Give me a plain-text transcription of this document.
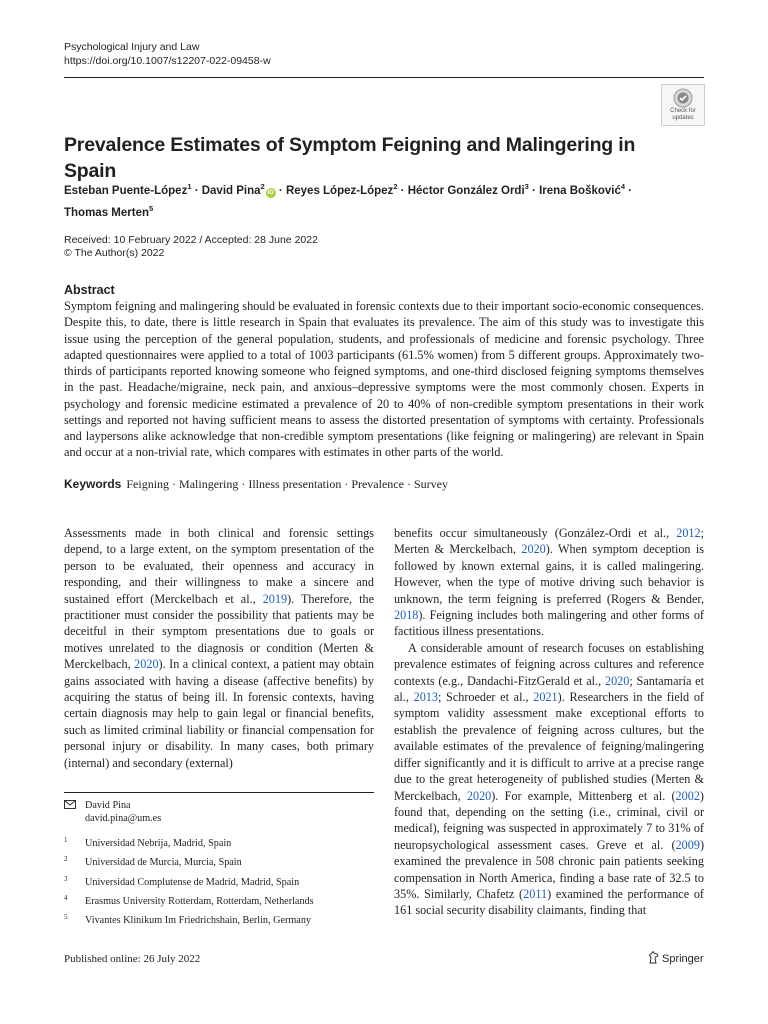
Psychological Injury and Law
https://doi.org/10.1007/s12207-022-09458-w
Check for
updates
Prevalence Estimates of Symptom Feigning and Malingering in Spain
Esteban Puente-López$^1$ · David Pina$^2$iD · Reyes López-López$^2$ · Héctor González Ordi$^3$ · Irena Bošković$^4$ ·
Thomas Merten$^5$
Received: 10 February 2022 / Accepted: 28 June 2022
© The Author(s) 2022
Abstract
Symptom feigning and malingering should be evaluated in forensic contexts due to their important socio-economic consequences. Despite this, to date, there is little research in Spain that evaluates its prevalence. The aim of this study was to investigate this issue using the perception of the general population, students, and professionals of medicine and forensic psychology. Three adapted questionnaires were applied to a total of 1003 participants (61.5% women) from 5 different groups. Approximately two-thirds of participants reported knowing someone who feigned symptoms, and one-third disclosed feigning symptoms themselves in the past. Headache/migraine, neck pain, and anxious–depressive symptoms were the most commonly chosen. Experts in psychology and forensic medicine estimated a prevalence of 20 to 40% of non-credible symptom presentations in their work settings and reported not having sufficient means to assess the distorted presentation of symptoms with certainty. Professionals and laypersons alike acknowledge that non-credible symptom presentations (like feigning or malingering) are relevant in Spain and occur at a non-trivial rate, which compares with estimates in other parts of the world.
Keywords Feigning · Malingering · Illness presentation · Prevalence · Survey

Assessments made in both clinical and forensic settings depend, to a large extent, on the symptom presentation of the person to be evaluated, their openness and accuracy in responding, and their willingness to make a sincere and sustained effort (Merckelbach et al., 2019). Therefore, the practitioner must consider the possibility that patients may be deceitful in their symptom presentations due to goals or motives unrelated to the diagnosis or condition (Merten & Merckelbach, 2020). In a clinical context, a patient may obtain gains associated with having a disease (affective benefits) by acquiring the status of being ill. In forensic contexts, having certain diagnosis may help to gain legal or financial benefits, such as limited criminal liability or financial compensation for personal injury or disability. In many cases, both primary (internal) and secondary (external)

benefits occur simultaneously (González-Ordi et al., 2012; Merten & Merckelbach, 2020). When symptom deception is followed by known external gains, it is called malingering. However, when the type of motive driving such behavior is unknown, the term feigning is preferred (Rogers & Bender, 2018). Feigning includes both malingering and other forms of factitious illness presentations.

A considerable amount of research focuses on establishing prevalence estimates of feigning across cultures and reference contexts (e.g., Dandachi-FitzGerald et al., 2020; Santamaría et al., 2013; Schroeder et al., 2021). Researchers in the field of symptom validity assessment make exceptional efforts to establish the prevalence of feigning across cultures, but the available estimates of the prevalence of feigning/malingering differ significantly and it is difficult to arrive at a precise range due to the great heterogeneity of published studies (Merten & Merckelbach, 2020). For example, Mittenberg et al. (2002) found that, depending on the setting (i.e., criminal, civil or medical), feigning was suspected in approximately 7 to 31% of neuropsychological assessment cases. Greve et al. (2009) examined the prevalence in 508 chronic pain patients seeking compensation in North America, finding a base rate of 32.5 to 35%. Similarly, Chafetz (2011) examined the performance of 161 social security disability claimants, finding that

David Pina
david.pina@um.es
1 Universidad Nebrija, Madrid, Spain
2 Universidad de Murcia, Murcia, Spain
3 Universidad Complutense de Madrid, Madrid, Spain
4 Erasmus University Rotterdam, Rotterdam, Netherlands
5 Vivantes Klinikum Im Friedrichshain, Berlin, Germany
Published online: 26 July 2022	Springer
